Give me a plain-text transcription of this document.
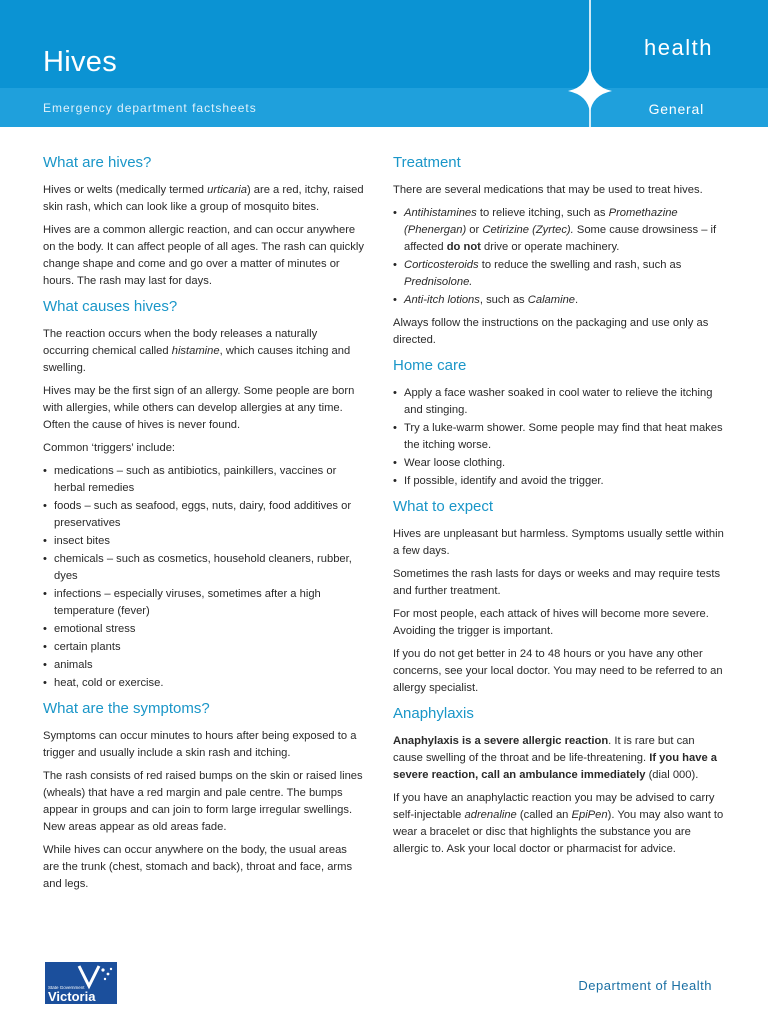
Hives	health
Emergency department factsheets	General
What are hives?

Hives or welts (medically termed urticaria) are a red, itchy, raised skin rash, which can look like a group of mosquito bites.

Hives are a common allergic reaction, and can occur anywhere on the body. It can affect people of all ages. The rash can quickly change shape and come and go over a matter of minutes or hours. The rash may last for days.

What causes hives?

The reaction occurs when the body releases a naturally occurring chemical called histamine, which causes itching and swelling.

Hives may be the first sign of an allergy. Some people are born with allergies, while others can develop allergies at any time. Often the cause of hives is never found.

Common ‘triggers’ include:

• medications – such as antibiotics, painkillers, vaccines or herbal remedies
• foods – such as seafood, eggs, nuts, dairy, food additives or preservatives
• insect bites
• chemicals – such as cosmetics, household cleaners, rubber, dyes
• infections – especially viruses, sometimes after a high temperature (fever)
• emotional stress
• certain plants
• animals
• heat, cold or exercise.
What are the symptoms?

Symptoms can occur minutes to hours after being exposed to a trigger and usually include a skin rash and itching.

The rash consists of red raised bumps on the skin or raised lines (wheals) that have a red margin and pale centre. The bumps appear in groups and can join to form large irregular swellings. New areas appear as old areas fade.

While hives can occur anywhere on the body, the usual areas are the trunk (chest, stomach and back), throat and face, arms and legs.

Treatment

There are several medications that may be used to treat hives.

• Antihistamines to relieve itching, such as Promethazine (Phenergan) or Cetirizine (Zyrtec). Some cause drowsiness – if affected do not drive or operate machinery.
• Corticosteroids to reduce the swelling and rash, such as Prednisolone.
• Anti-itch lotions, such as Calamine.

Always follow the instructions on the packaging and use only as directed.

Home care
• Apply a face washer soaked in cool water to relieve the itching and stinging.
• Try a luke-warm shower. Some people may find that heat makes the itching worse.
• Wear loose clothing.
• If possible, identify and avoid the trigger.
What to expect

Hives are unpleasant but harmless. Symptoms usually settle within a few days.

Sometimes the rash lasts for days or weeks and may require tests and further treatment.

For most people, each attack of hives will become more severe. Avoiding the trigger is important.

If you do not get better in 24 to 48 hours or you have any other concerns, see your local doctor. You may need to be referred to an allergy specialist.

Anaphylaxis

Anaphylaxis is a severe allergic reaction. It is rare but can cause swelling of the throat and be life-threatening. If you have a severe reaction, call an ambulance immediately (dial 000).

If you have an anaphylactic reaction you may be advised to carry self-injectable adrenaline (called an EpiPen). You may also want to wear a bracelet or disc that highlights the substance you are allergic to. Ask your local doctor or pharmacist for advice.

State Government
Victoria
Department of Health
